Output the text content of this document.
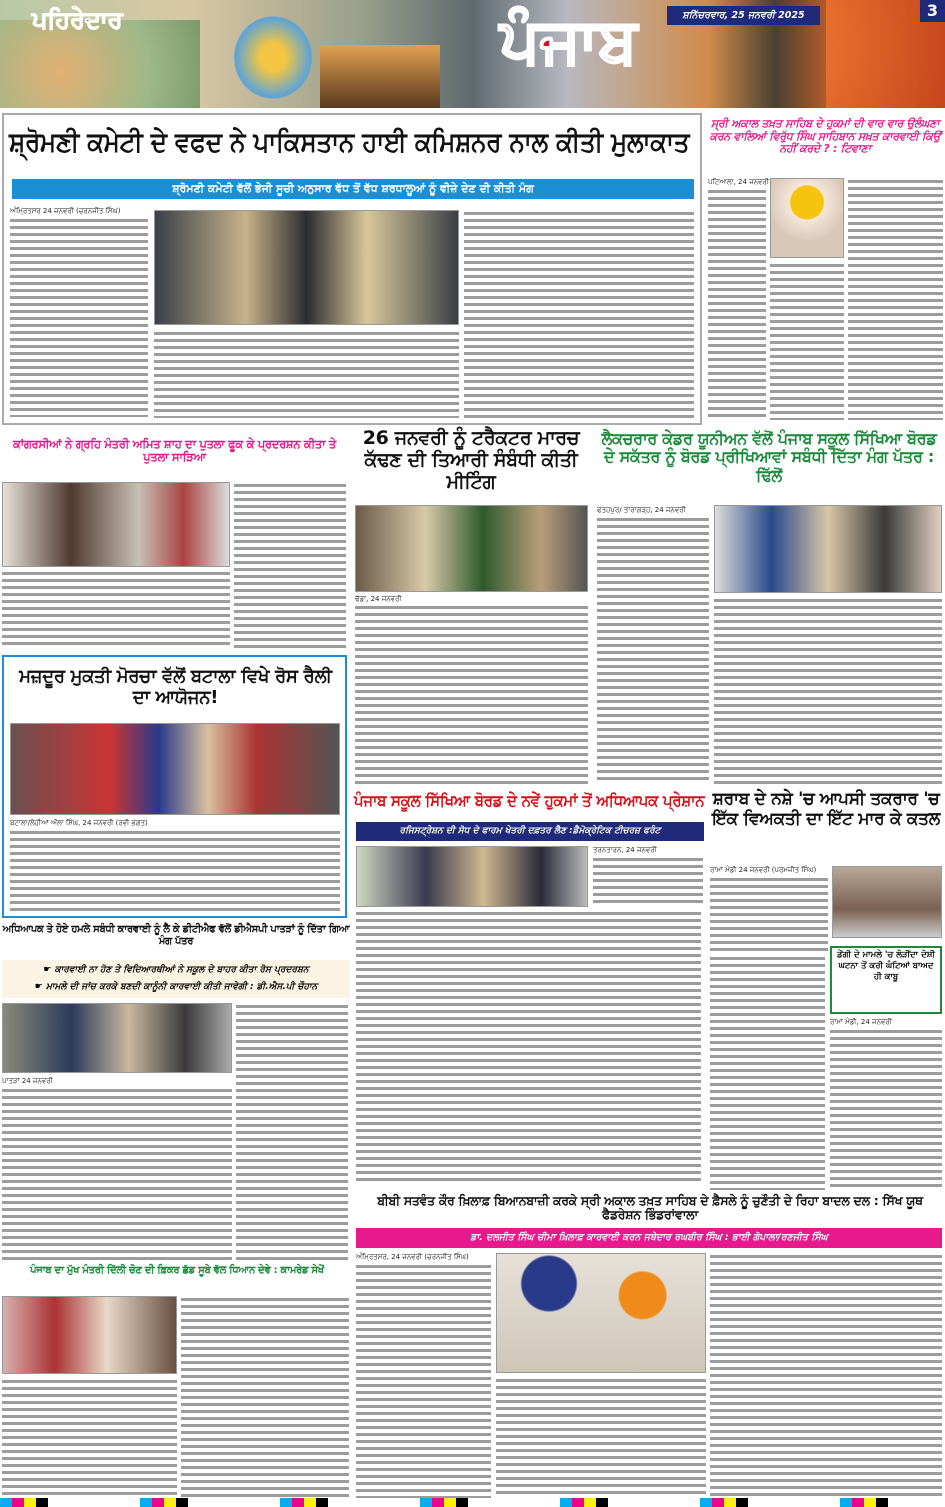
ਪਹਿਰੇਦਾਰ	ਪੰਜਾਬ	ਸ਼ਨਿੱਚਰਵਾਰ, 25 ਜਨਵਰੀ 2025	3
ਸ਼੍ਰੋਮਣੀ ਕਮੇਟੀ ਦੇ ਵਫਦ ਨੇ ਪਾਕਿਸਤਾਨ ਹਾਈ ਕਮਿਸ਼ਨਰ ਨਾਲ ਕੀਤੀ ਮੁਲਾਕਾਤ
ਸ਼੍ਰੋਮਣੀ ਕਮੇਟੀ ਵੱਲੋਂ ਭੇਜੀ ਸੂਚੀ ਅਨੁਸਾਰ ਵੱਧ ਤੋਂ ਵੱਧ ਸ਼ਰਧਾਲੂਆਂ ਨੂੰ ਵੀਜ਼ੇ ਦੇਣ ਦੀ ਕੀਤੀ ਮੰਗ
ਅੰਮ੍ਰਿਤਸਰ 24 ਜਨਵਰੀ (ਚਰਨਜੀਤ ਸਿੰਘ)
ਸ੍ਰੀ ਅਕਾਲ ਤਖ਼ਤ ਸਾਹਿਬ ਦੇ ਹੁਕਮਾਂ ਦੀ ਵਾਰ ਵਾਰ ਉਲੰਘਣਾ ਕਰਨ ਵਾਲਿਆਂ ਵਿਰੁੱਧ ਸਿੰਘ ਸਾਹਿਬਾਨ ਸਖ਼ਤ ਕਾਰਵਾਈ ਕਿਉਂ ਨਹੀਂ ਕਰਦੇ ? : ਟਿਵਾਣਾ
ਪਟਿਆਲਾ, 24 ਜਨਵਰੀ
ਕਾਂਗਰਸੀਆਂ ਨੇ ਗ੍ਰਹਿ ਮੰਤਰੀ ਅਮਿਤ ਸ਼ਾਹ ਦਾ ਪੁਤਲਾ ਫੂਕ ਕੇ ਪ੍ਰਦਰਸ਼ਨ ਕੀਤਾ ਤੇ ਪੁਤਲਾ ਸਾੜਿਆ
26 ਜਨਵਰੀ ਨੂੰ ਟਰੈਕਟਰ ਮਾਰਚ ਕੱਢਣ ਦੀ ਤਿਆਰੀ ਸੰਬੰਧੀ ਕੀਤੀ ਮੀਟਿੰਗ
ਢੱਡਾ, 24 ਜਨਵਰੀ
ਲੈਕਚਰਾਰ ਕੇਡਰ ਯੂਨੀਅਨ ਵੱਲੋਂ ਪੰਜਾਬ ਸਕੂਲ ਸਿੱਖਿਆ ਬੋਰਡ ਦੇ ਸਕੱਤਰ ਨੂੰ ਬੋਰਡ ਪ੍ਰੀਖਿਆਵਾਂ ਸਬੰਧੀ ਦਿੱਤਾ ਮੰਗ ਪੱਤਰ : ਢਿੱਲੋਂ
ਫਤਹਪੁਰ/ ਤਾਰਾਗੜ੍ਹ, 24 ਜਨਵਰੀ
ਮਜ਼ਦੂਰ ਮੁਕਤੀ ਮੋਰਚਾ ਵੱਲੋਂ ਬਟਾਲਾ ਵਿਖੇ ਰੋਸ ਰੈਲੀ ਦਾ ਆਯੋਜਨ!
ਬਟਾਲਾ/ਲੋਹੀਆਂ ਔਲਾ ਸਿੰਘ, 24 ਜਨਵਰੀ (ਰਵੀ ਭਗਤ)
ਪੰਜਾਬ ਸਕੂਲ ਸਿੱਖਿਆ ਬੋਰਡ ਦੇ ਨਵੇਂ ਹੁਕਮਾਂ ਤੋਂ ਅਧਿਆਪਕ ਪ੍ਰੇਸ਼ਾਨ
ਰਜਿਸਟ੍ਰੇਸ਼ਨ ਦੀ ਸੋਧ ਦੇ ਫਾਰਮ ਖੇਤਰੀ ਦਫ਼ਤਰ ਲੈਣ :ਡੈਮੋਕ੍ਰੇਟਿਕ ਟੀਚਰਜ਼ ਫਰੰਟ
ਤਰਨਤਾਰਨ, 24 ਜਨਵਰੀ
ਸ਼ਰਾਬ ਦੇ ਨਸ਼ੇ 'ਚ ਆਪਸੀ ਤਕਰਾਰ 'ਚ ਇੱਕ ਵਿਅਕਤੀ ਦਾ ਇੱਟ ਮਾਰ ਕੇ ਕਤਲ
ਰਾਮਾਂ ਮੰਡੀ 24 ਜਨਵਰੀ (ਪਰਮਜੀਤ ਸਿੰਘ)
ਡੇਂਗੀ ਦੇ ਮਾਮਲੇ 'ਚ ਲੋੜੀਂਦਾ ਦੋਸ਼ੀ ਘਟਨਾ ਤੋਂ ਕਰੀ ਘੰਟਿਆਂ ਬਾਅਦ ਹੀ ਕਾਬੂ
ਰਾਮਾਂ ਮੰਡੀ, 24 ਜਨਵਰੀ
ਅਧਿਆਪਕ ਤੇ ਹੋਏ ਹਮਲੇ ਸਬੰਧੀ ਕਾਰਵਾਈ ਨੂੰ ਲੈ ਕੇ ਡੀਟੀਐਫ ਵੱਲੋਂ ਡੀਐਸਪੀ ਪਾਤੜਾਂ ਨੂੰ ਦਿੱਤਾ ਗਿਆ ਮੰਗ ਪੱਤਰ
☛ ਕਾਰਵਾਈ ਨਾ ਹੋਣ ਤੇ ਵਿਦਿਆਰਥੀਆਂ ਨੇ ਸਕੂਲ ਦੇ ਬਾਹਰ ਕੀਤਾ ਰੋਸ ਪ੍ਰਦਰਸ਼ਨ
☛ ਮਾਮਲੇ ਦੀ ਜਾਂਚ ਕਰਕੇ ਬਣਦੀ ਕਾਨੂੰਨੀ ਕਾਰਵਾਈ ਕੀਤੀ ਜਾਵੇਗੀ : ਡੀ.ਐਸ.ਪੀ ਚੌਹਾਨ
ਪਾਤੜਾਂ 24 ਜਨਵਰੀ
ਬੀਬੀ ਸਤਵੰਤ ਕੌਰ ਖ਼ਿਲਾਫ਼ ਬਿਆਨਬਾਜ਼ੀ ਕਰਕੇ ਸ੍ਰੀ ਅਕਾਲ ਤਖ਼ਤ ਸਾਹਿਬ ਦੇ ਫ਼ੈਸਲੇ ਨੂੰ ਚੁਣੌਤੀ ਦੇ ਰਿਹਾ ਬਾਦਲ ਦਲ : ਸਿੱਖ ਯੂਥ ਫੈਡਰੇਸ਼ਨ ਭਿੰਡਰਾਂਵਾਲਾ
ਡਾ. ਦਲਜੀਤ ਸਿੰਘ ਚੀਮਾ ਖ਼ਿਲਾਫ਼ ਕਾਰਵਾਈ ਕਰਨ ਜਥੇਦਾਰ ਰਘਬੀਰ ਸਿੰਘ : ਭਾਈ ਗੋਪਾਲਾ/ਰਣਜੀਤ ਸਿੰਘ
ਅੰਮ੍ਰਿਤਸਰ, 24 ਜਨਵਰੀ (ਚਰਨਜੀਤ ਸਿੰਘ)
ਪੰਜਾਬ ਦਾ ਮੁੱਖ ਮੰਤਰੀ ਦਿੱਲੀ ਚੋਣ ਦੀ ਫ਼ਿਕਰ ਛੱਡ ਸੂਬੇ ਵੱਲ ਧਿਆਨ ਦੇਵੇ : ਕਾਮਰੇਡ ਸੇਖੋਂ
